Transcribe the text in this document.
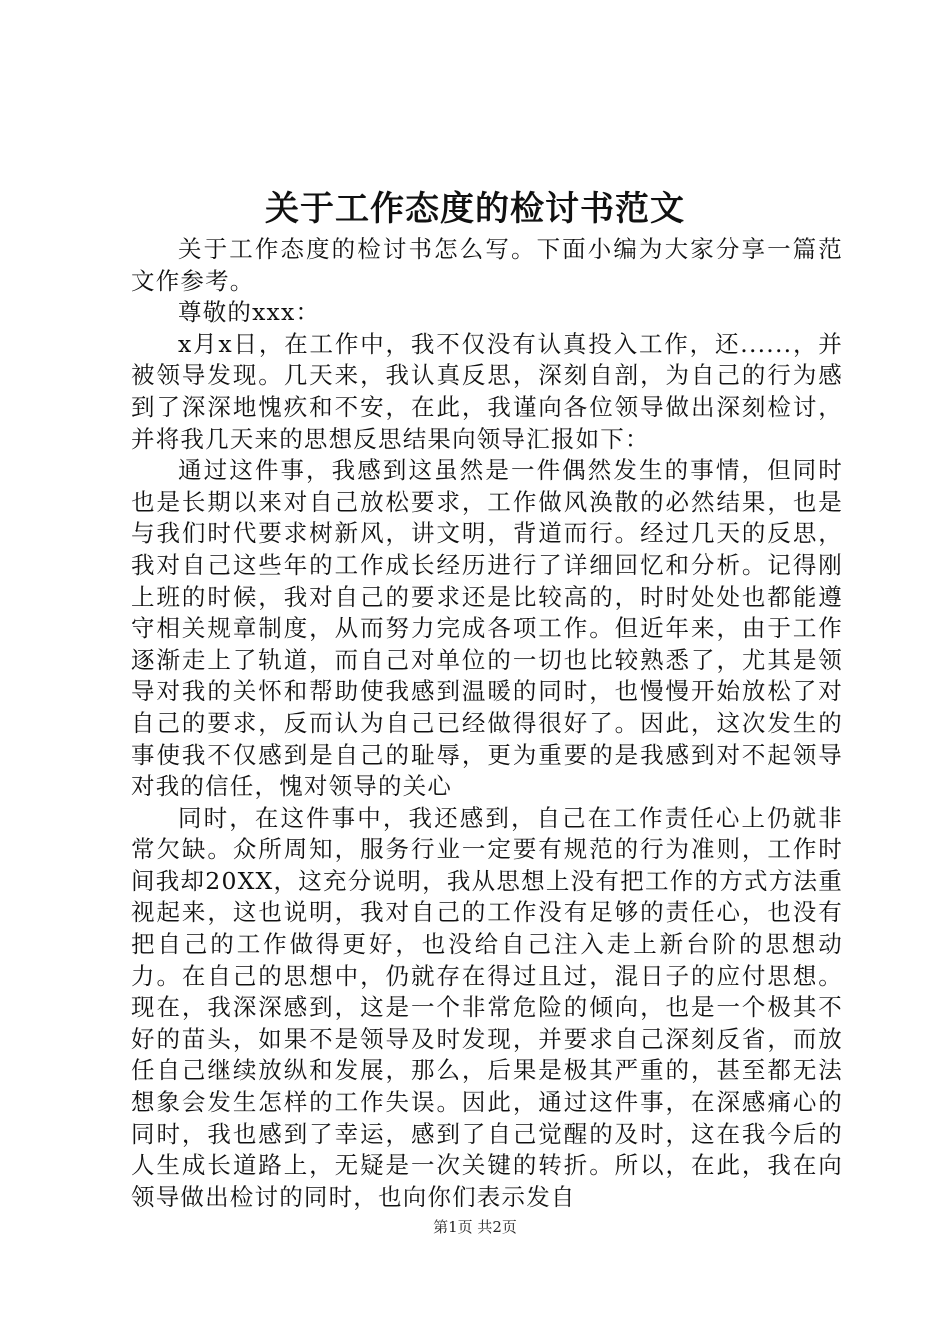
关于工作态度的检讨书范文

关于工作态度的检讨书怎么写。下面小编为大家分享一篇范文作参考。

尊敬的xxx：

x月x日，在工作中，我不仅没有认真投入工作，还......，并被领导发现。几天来，我认真反思，深刻自剖，为自己的行为感到了深深地愧疚和不安，在此，我谨向各位领导做出深刻检讨，并将我几天来的思想反思结果向领导汇报如下：

通过这件事，我感到这虽然是一件偶然发生的事情，但同时也是长期以来对自己放松要求，工作做风涣散的必然结果，也是与我们时代要求树新风，讲文明，背道而行。经过几天的反思，我对自己这些年的工作成长经历进行了详细回忆和分析。记得刚上班的时候，我对自己的要求还是比较高的，时时处处也都能遵守相关规章制度，从而努力完成各项工作。但近年来，由于工作逐渐走上了轨道，而自己对单位的一切也比较熟悉了，尤其是领导对我的关怀和帮助使我感到温暖的同时，也慢慢开始放松了对自己的要求，反而认为自己已经做得很好了。因此，这次发生的事使我不仅感到是自己的耻辱，更为重要的是我感到对不起领导对我的信任，愧对领导的关心

同时，在这件事中，我还感到，自己在工作责任心上仍就非常欠缺。众所周知，服务行业一定要有规范的行为准则，工作时间我却20XX，这充分说明，我从思想上没有把工作的方式方法重视起来，这也说明，我对自己的工作没有足够的责任心，也没有把自己的工作做得更好，也没给自己注入走上新台阶的思想动力。在自己的思想中，仍就存在得过且过，混日子的应付思想。现在，我深深感到，这是一个非常危险的倾向，也是一个极其不好的苗头，如果不是领导及时发现，并要求自己深刻反省，而放任自己继续放纵和发展，那么，后果是极其严重的，甚至都无法想象会发生怎样的工作失误。因此，通过这件事，在深感痛心的同时，我也感到了幸运，感到了自己觉醒的及时，这在我今后的人生成长道路上，无疑是一次关键的转折。所以，在此，我在向领导做出检讨的同时，也向你们表示发自

第1页 共2页
